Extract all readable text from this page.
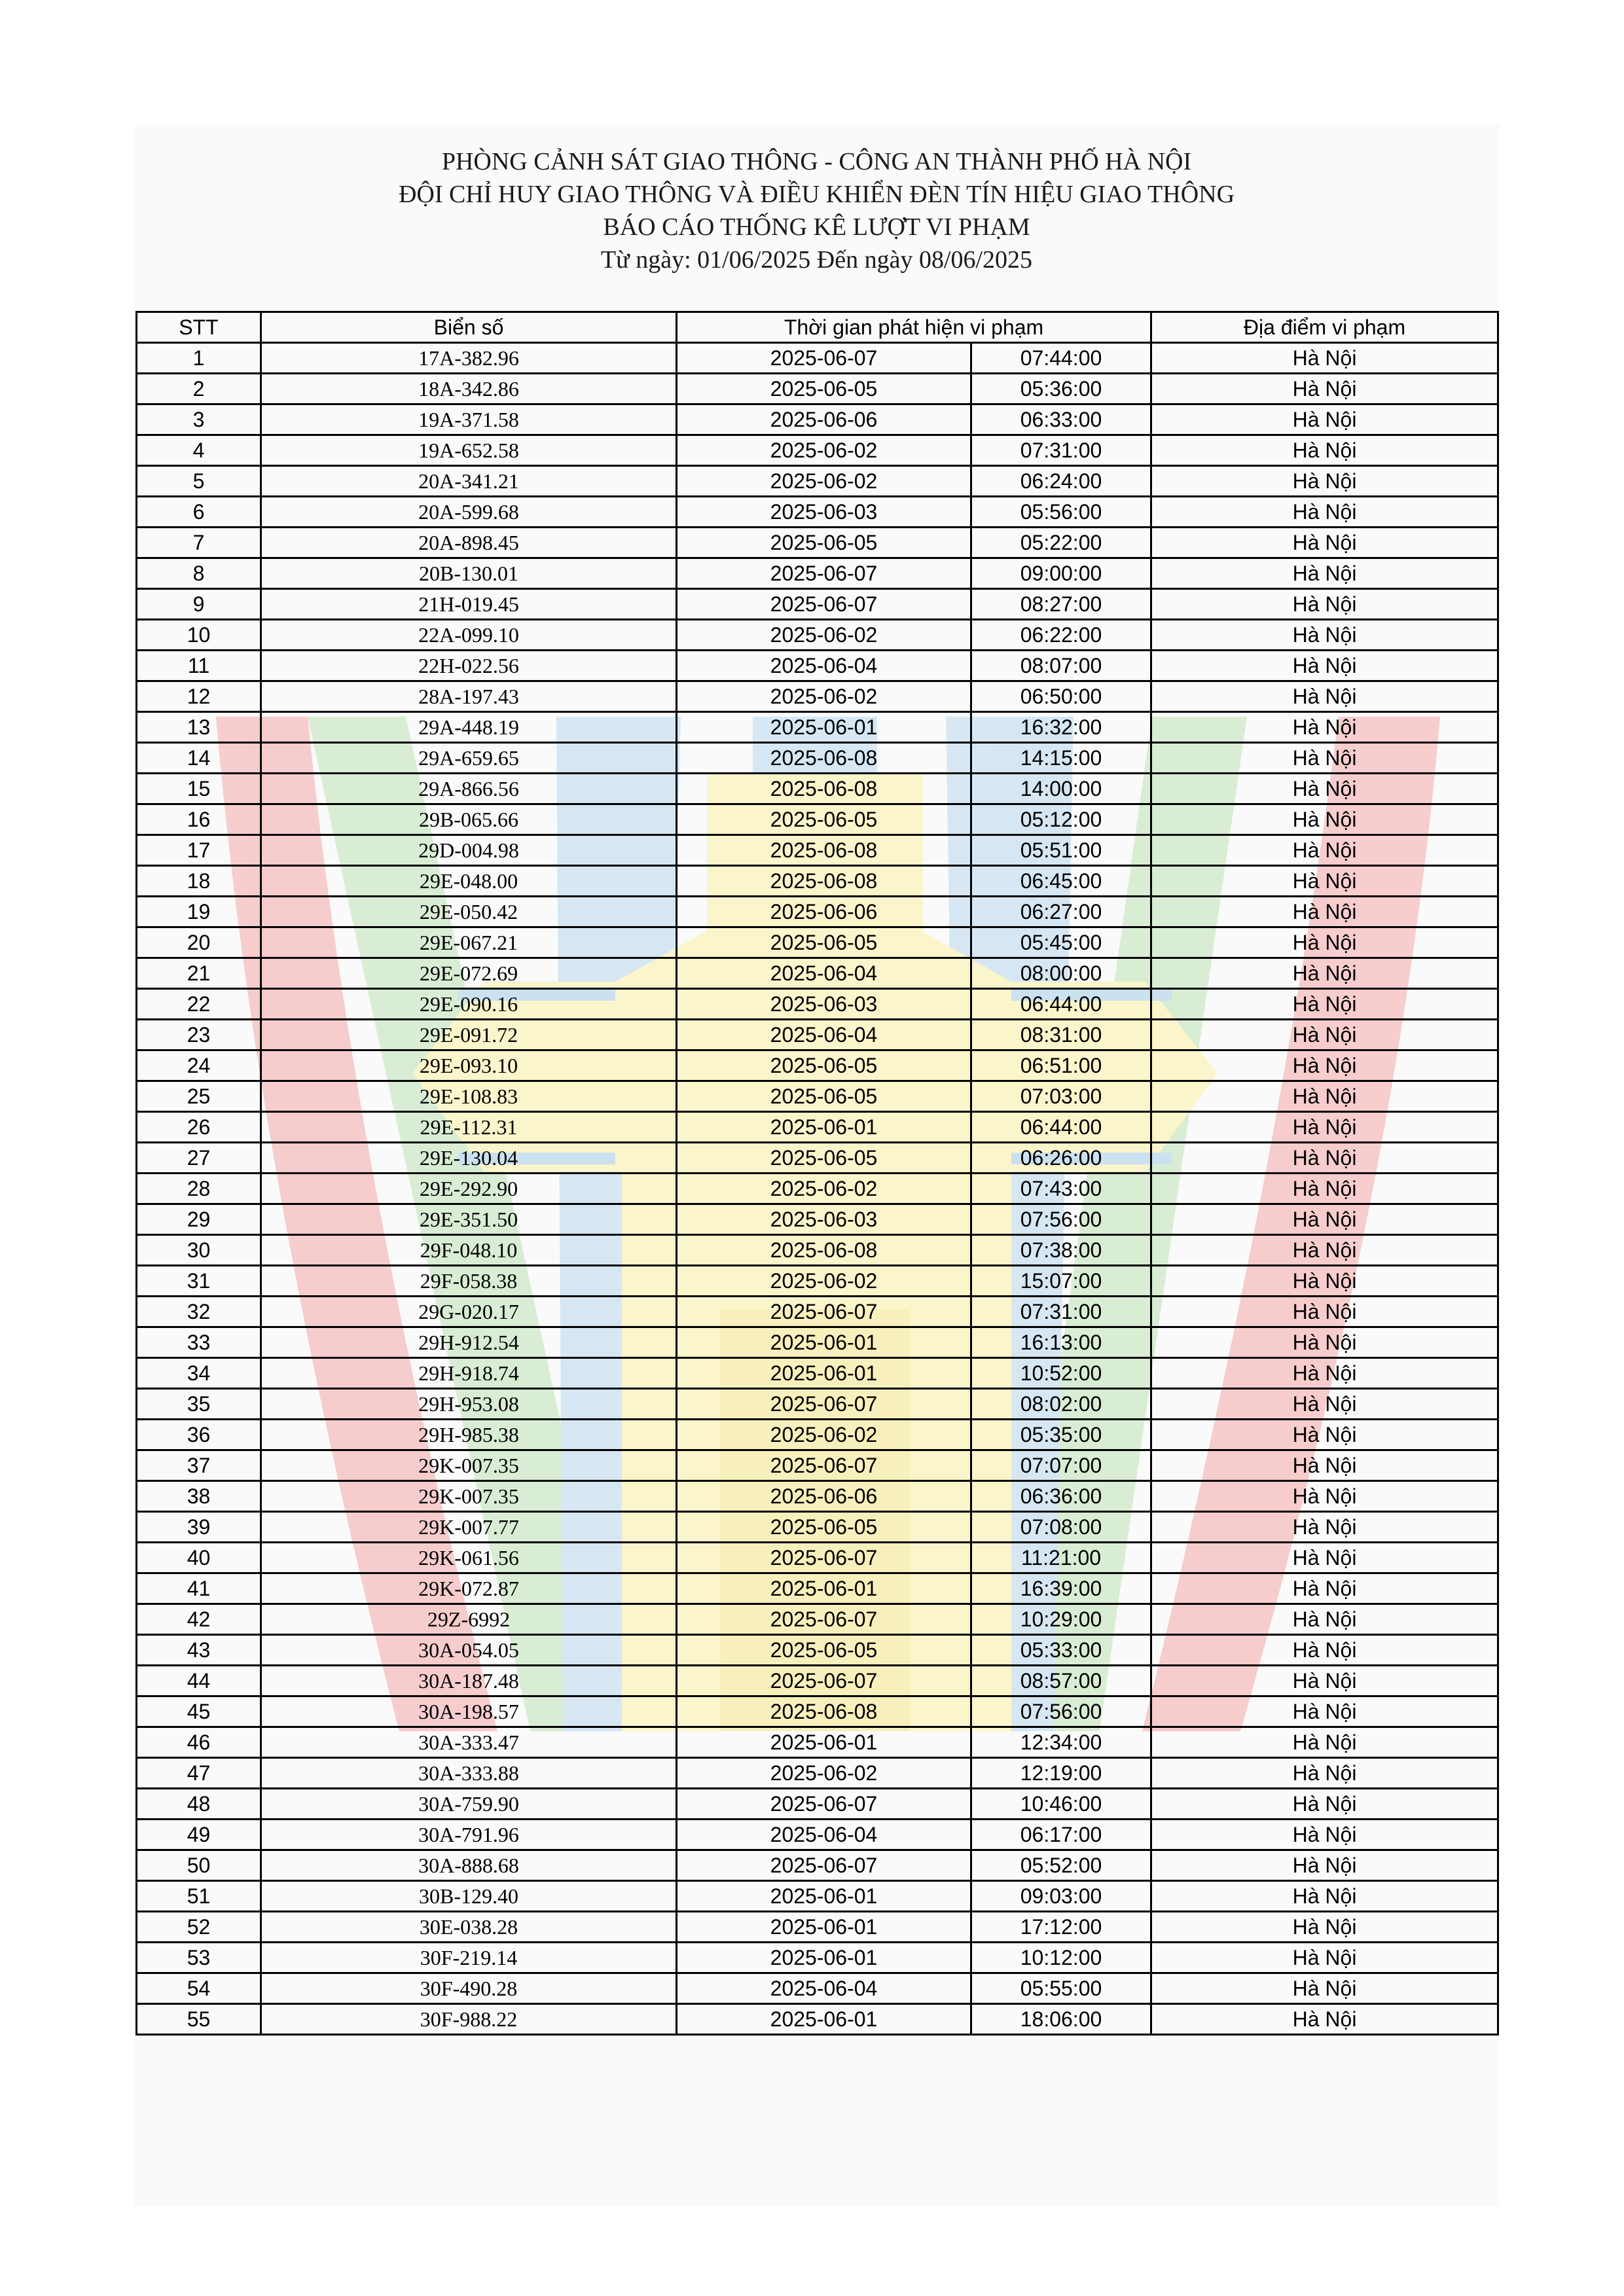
PHÒNG CẢNH SÁT GIAO THÔNG - CÔNG AN THÀNH PHỐ HÀ NỘI
ĐỘI CHỈ HUY GIAO THÔNG VÀ ĐIỀU KHIỂN ĐÈN TÍN HIỆU GIAO THÔNG
BÁO CÁO THỐNG KÊ LƯỢT VI PHẠM
Từ ngày: 01/06/2025 Đến ngày 08/06/2025
STT	Biển số	Thời gian phát hiện vi phạm		Địa điểm vi phạm
1	17A-382.96	2025-06-07	07:44:00	Hà Nội
2	18A-342.86	2025-06-05	05:36:00	Hà Nội
3	19A-371.58	2025-06-06	06:33:00	Hà Nội
4	19A-652.58	2025-06-02	07:31:00	Hà Nội
5	20A-341.21	2025-06-02	06:24:00	Hà Nội
6	20A-599.68	2025-06-03	05:56:00	Hà Nội
7	20A-898.45	2025-06-05	05:22:00	Hà Nội
8	20B-130.01	2025-06-07	09:00:00	Hà Nội
9	21H-019.45	2025-06-07	08:27:00	Hà Nội
10	22A-099.10	2025-06-02	06:22:00	Hà Nội
11	22H-022.56	2025-06-04	08:07:00	Hà Nội
12	28A-197.43	2025-06-02	06:50:00	Hà Nội
13	29A-448.19	2025-06-01	16:32:00	Hà Nội
14	29A-659.65	2025-06-08	14:15:00	Hà Nội
15	29A-866.56	2025-06-08	14:00:00	Hà Nội
16	29B-065.66	2025-06-05	05:12:00	Hà Nội
17	29D-004.98	2025-06-08	05:51:00	Hà Nội
18	29E-048.00	2025-06-08	06:45:00	Hà Nội
19	29E-050.42	2025-06-06	06:27:00	Hà Nội
20	29E-067.21	2025-06-05	05:45:00	Hà Nội
21	29E-072.69	2025-06-04	08:00:00	Hà Nội
22	29E-090.16	2025-06-03	06:44:00	Hà Nội
23	29E-091.72	2025-06-04	08:31:00	Hà Nội
24	29E-093.10	2025-06-05	06:51:00	Hà Nội
25	29E-108.83	2025-06-05	07:03:00	Hà Nội
26	29E-112.31	2025-06-01	06:44:00	Hà Nội
27	29E-130.04	2025-06-05	06:26:00	Hà Nội
28	29E-292.90	2025-06-02	07:43:00	Hà Nội
29	29E-351.50	2025-06-03	07:56:00	Hà Nội
30	29F-048.10	2025-06-08	07:38:00	Hà Nội
31	29F-058.38	2025-06-02	15:07:00	Hà Nội
32	29G-020.17	2025-06-07	07:31:00	Hà Nội
33	29H-912.54	2025-06-01	16:13:00	Hà Nội
34	29H-918.74	2025-06-01	10:52:00	Hà Nội
35	29H-953.08	2025-06-07	08:02:00	Hà Nội
36	29H-985.38	2025-06-02	05:35:00	Hà Nội
37	29K-007.35	2025-06-07	07:07:00	Hà Nội
38	29K-007.35	2025-06-06	06:36:00	Hà Nội
39	29K-007.77	2025-06-05	07:08:00	Hà Nội
40	29K-061.56	2025-06-07	11:21:00	Hà Nội
41	29K-072.87	2025-06-01	16:39:00	Hà Nội
42	29Z-6992	2025-06-07	10:29:00	Hà Nội
43	30A-054.05	2025-06-05	05:33:00	Hà Nội
44	30A-187.48	2025-06-07	08:57:00	Hà Nội
45	30A-198.57	2025-06-08	07:56:00	Hà Nội
46	30A-333.47	2025-06-01	12:34:00	Hà Nội
47	30A-333.88	2025-06-02	12:19:00	Hà Nội
48	30A-759.90	2025-06-07	10:46:00	Hà Nội
49	30A-791.96	2025-06-04	06:17:00	Hà Nội
50	30A-888.68	2025-06-07	05:52:00	Hà Nội
51	30B-129.40	2025-06-01	09:03:00	Hà Nội
52	30E-038.28	2025-06-01	17:12:00	Hà Nội
53	30F-219.14	2025-06-01	10:12:00	Hà Nội
54	30F-490.28	2025-06-04	05:55:00	Hà Nội
55	30F-988.22	2025-06-01	18:06:00	Hà Nội
